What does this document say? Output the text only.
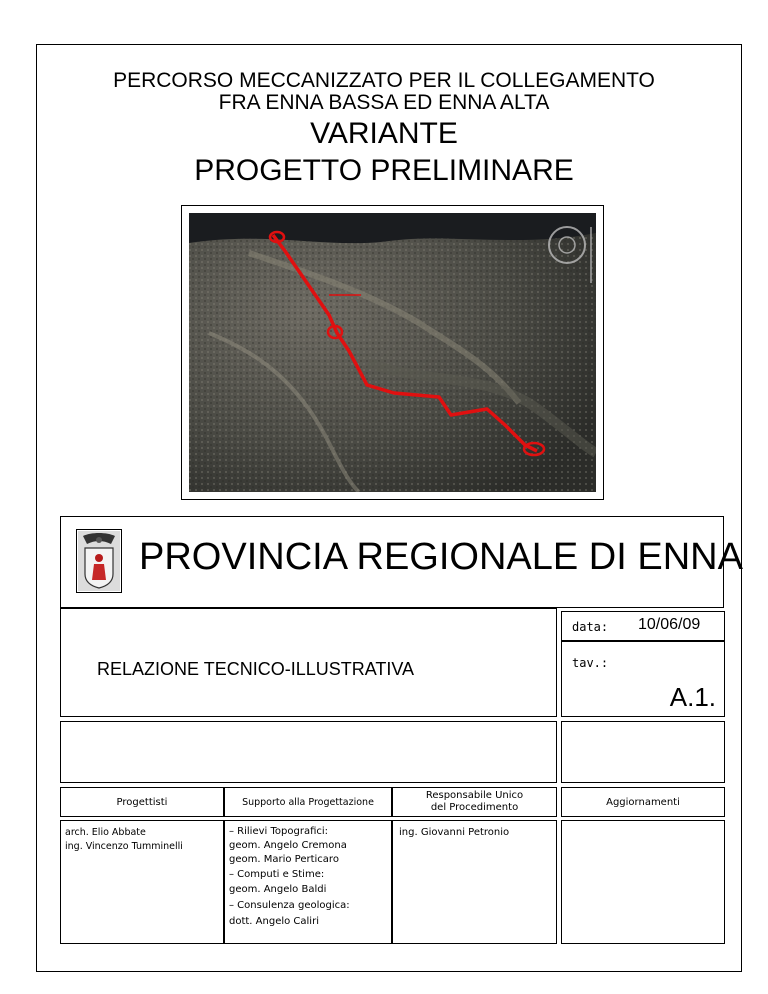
PERCORSO MECCANIZZATO PER IL COLLEGAMENTO
FRA ENNA BASSA ED ENNA ALTA
VARIANTE
PROGETTO PRELIMINARE
PROVINCIA REGIONALE DI ENNA
RELAZIONE TECNICO-ILLUSTRATIVA
data: 10/06/09
tav.:
A.1.
Progettisti	Supporto alla Progettazione
Responsabile Unico
del Procedimento	Aggiornamenti
arch. Elio Abbate
ing. Vincenzo Tumminelli
– Rilievi Topografici:
geom. Angelo Cremona
geom. Mario Perticaro
– Computi e Stime:
geom. Angelo Baldi
– Consulenza geologica:
dott. Angelo Caliri
ing. Giovanni Petronio
